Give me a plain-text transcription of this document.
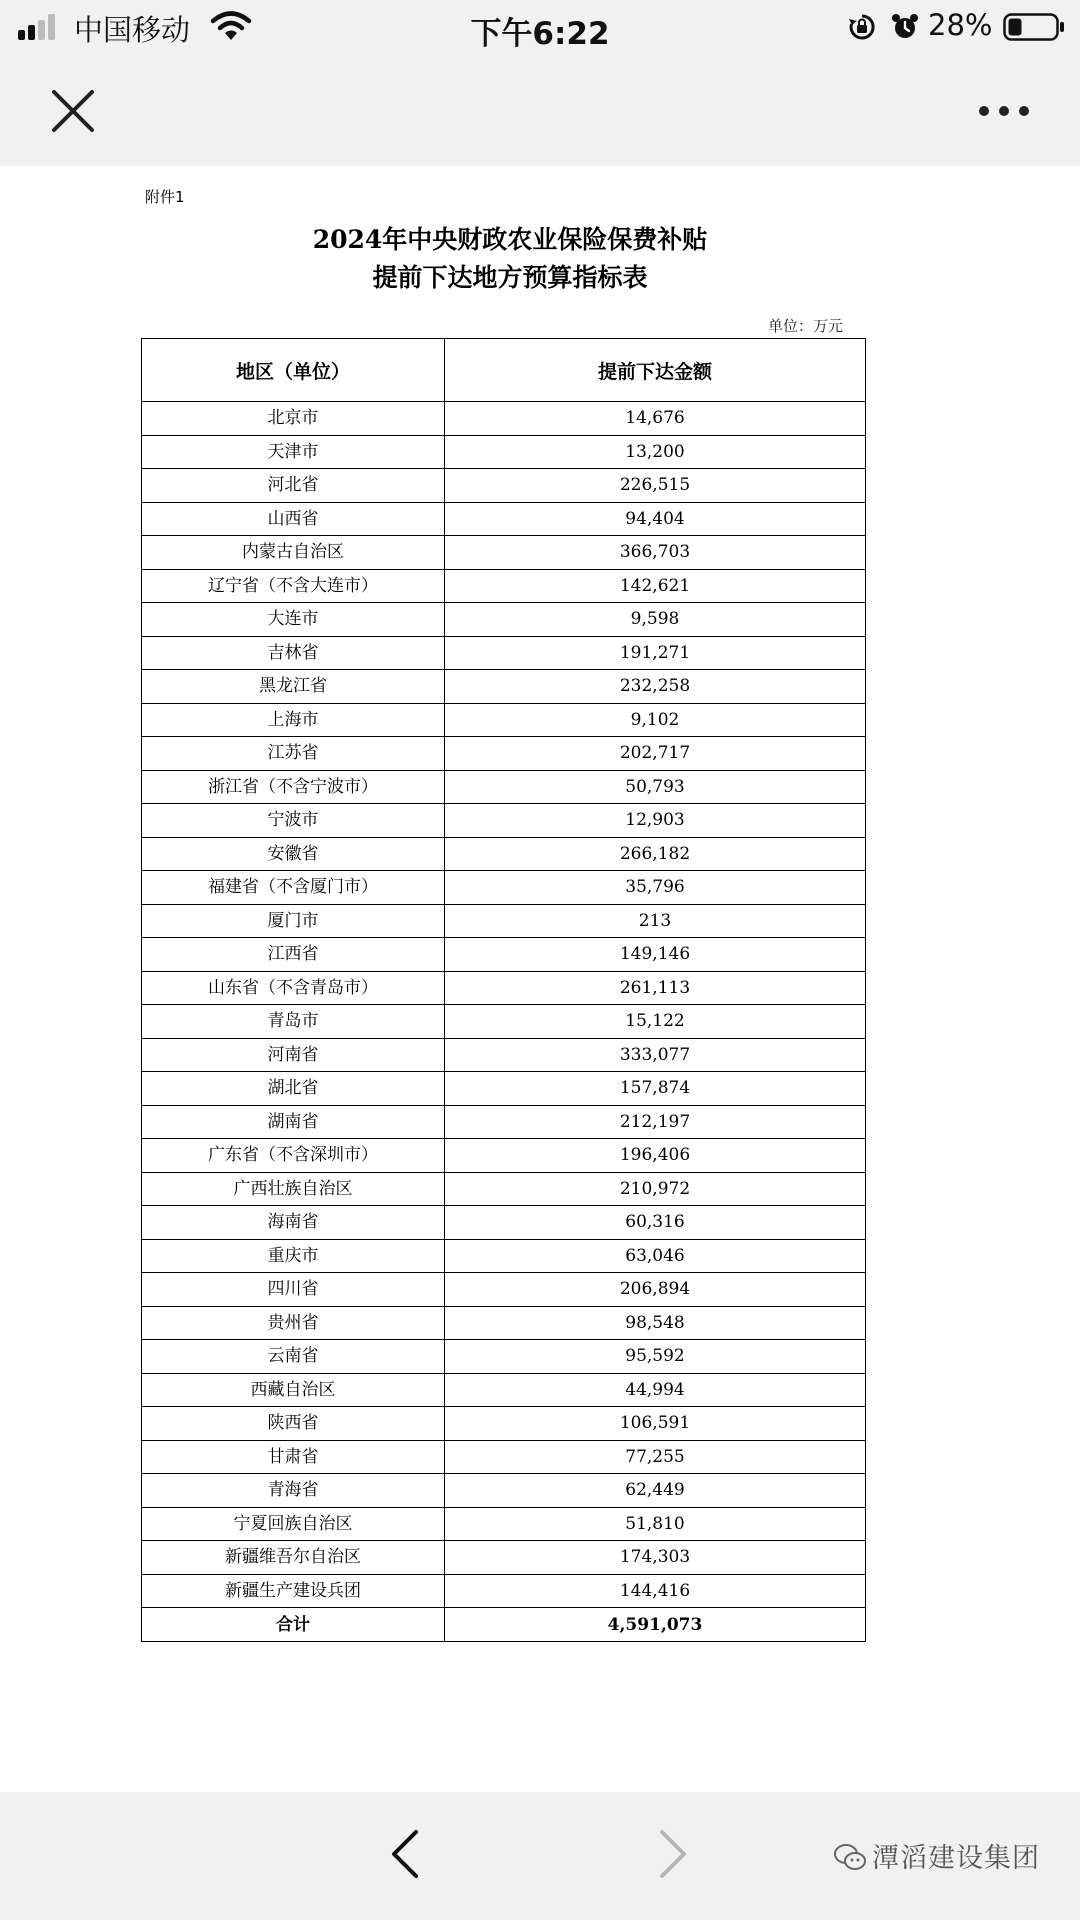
中国移动	下午6:22	28%
附件1
2024年中央财政农业保险保费补贴
提前下达地方预算指标表
单位：万元
地区（单位）	提前下达金额
北京市	14,676
天津市	13,200
河北省	226,515
山西省	94,404
内蒙古自治区	366,703
辽宁省（不含大连市）	142,621
大连市	9,598
吉林省	191,271
黑龙江省	232,258
上海市	9,102
江苏省	202,717
浙江省（不含宁波市）	50,793
宁波市	12,903
安徽省	266,182
福建省（不含厦门市）	35,796
厦门市	213
江西省	149,146
山东省（不含青岛市）	261,113
青岛市	15,122
河南省	333,077
湖北省	157,874
湖南省	212,197
广东省（不含深圳市）	196,406
广西壮族自治区	210,972
海南省	60,316
重庆市	63,046
四川省	206,894
贵州省	98,548
云南省	95,592
西藏自治区	44,994
陕西省	106,591
甘肃省	77,255
青海省	62,449
宁夏回族自治区	51,810
新疆维吾尔自治区	174,303
新疆生产建设兵团	144,416
合计	4,591,073
潭滔建设集团
